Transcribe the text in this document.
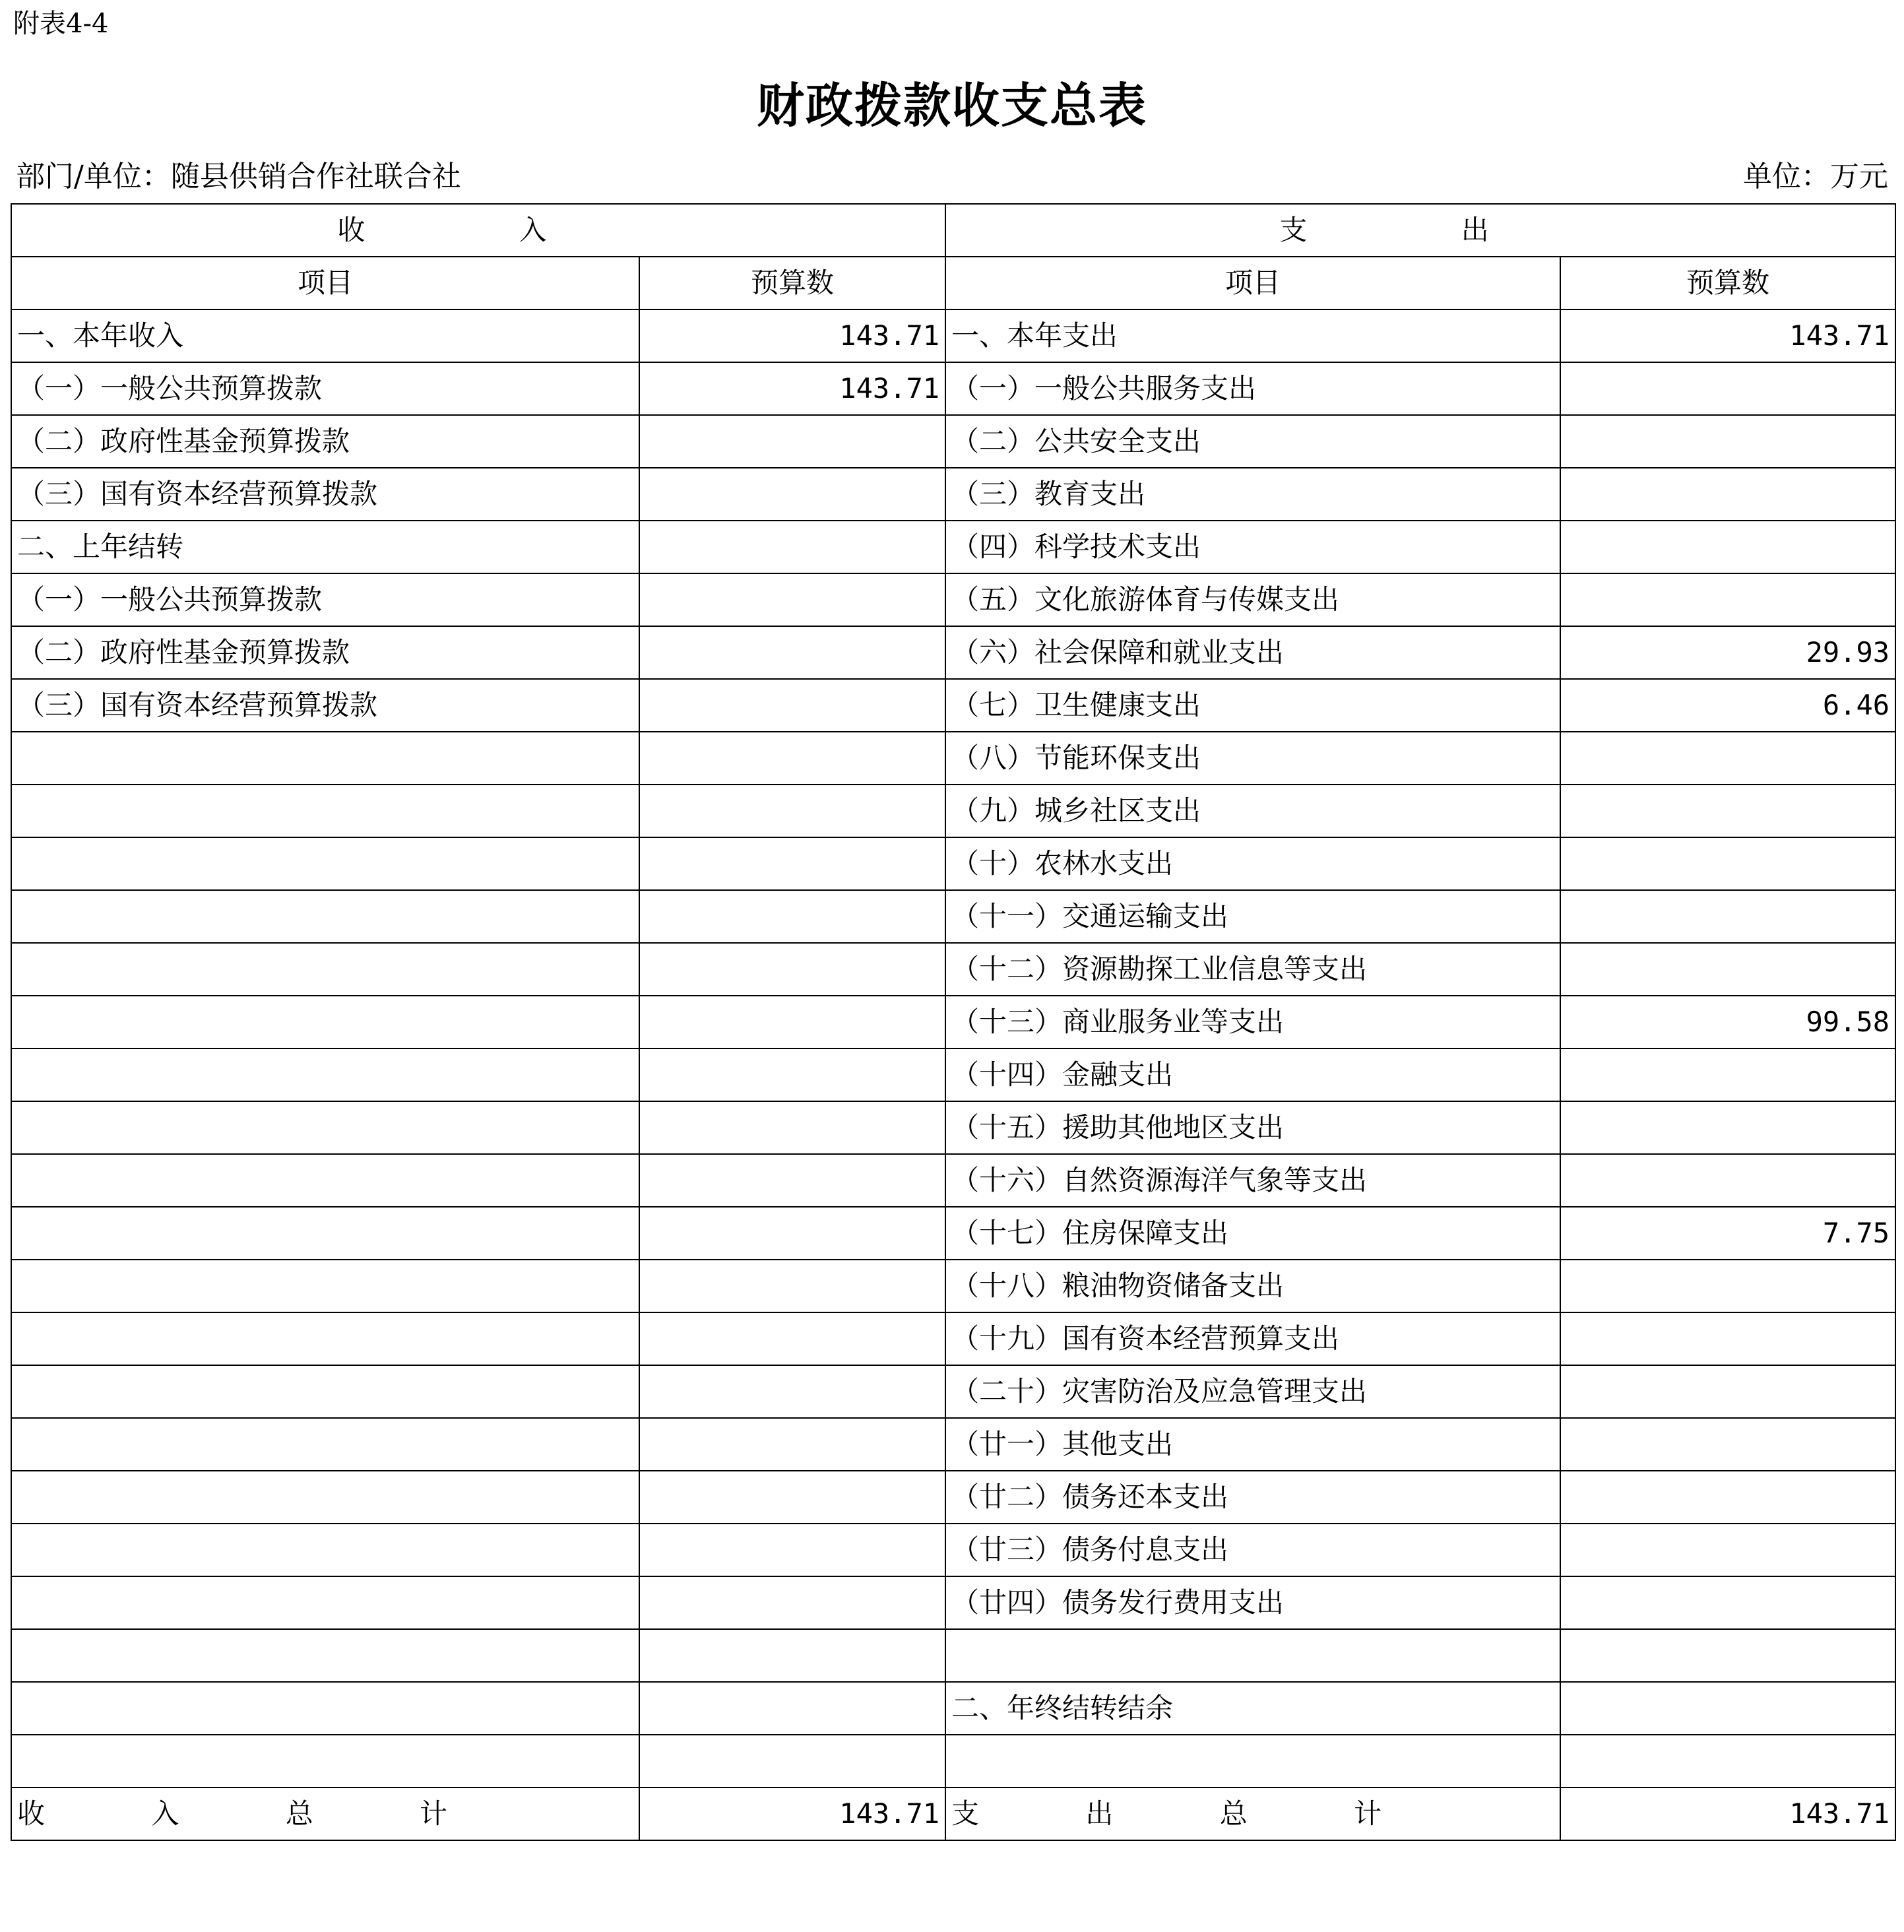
附表4-4
财政拨款收支总表
部门/单位：随县供销合作社联合社	单位：万元
收 入		支 出	
项目	预算数	项目	预算数
一、本年收入	143.71	一、本年支出	143.71
（一）一般公共预算拨款	143.71	（一）一般公共服务支出	
（二）政府性基金预算拨款		（二）公共安全支出	
（三）国有资本经营预算拨款		（三）教育支出	
二、上年结转		（四）科学技术支出	
（一）一般公共预算拨款		（五）文化旅游体育与传媒支出	
（二）政府性基金预算拨款		（六）社会保障和就业支出	29.93
（三）国有资本经营预算拨款		（七）卫生健康支出	6.46
		（八）节能环保支出	
		（九）城乡社区支出	
		（十）农林水支出	
		（十一）交通运输支出	
		（十二）资源勘探工业信息等支出	
		（十三）商业服务业等支出	99.58
		（十四）金融支出	
		（十五）援助其他地区支出	
		（十六）自然资源海洋气象等支出	
		（十七）住房保障支出	7.75
		（十八）粮油物资储备支出	
		（十九）国有资本经营预算支出	
		（二十）灾害防治及应急管理支出	
		（廿一）其他支出	
		（廿二）债务还本支出	
		（廿三）债务付息支出	
		（廿四）债务发行费用支出	

		二、年终结转结余	

收 入 总 计	143.71	支 出 总 计	143.71
